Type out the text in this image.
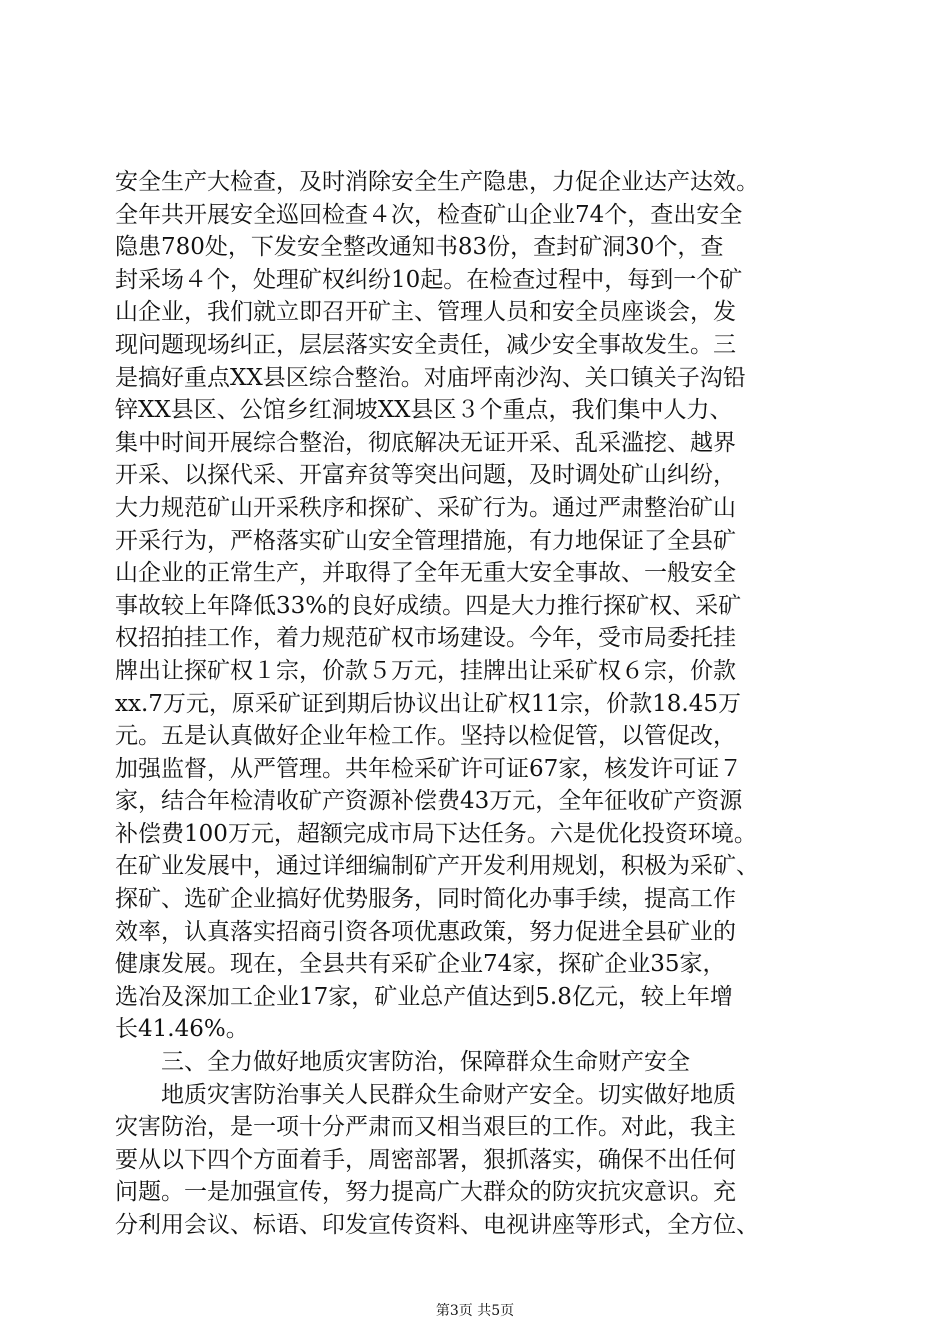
安全生产大检查，及时消除安全生产隐患，力促企业达产达效。
全年共开展安全巡回检查４次，检查矿山企业74个，查出安全
隐患780处，下发安全整改通知书83份，查封矿洞30个，查
封采场４个，处理矿权纠纷10起。在检查过程中，每到一个矿
山企业，我们就立即召开矿主、管理人员和安全员座谈会，发
现问题现场纠正，层层落实安全责任，减少安全事故发生。三
是搞好重点XX县区综合整治。对庙坪南沙沟、关口镇关子沟铅
锌XX县区、公馆乡红洞坡XX县区３个重点，我们集中人力、
集中时间开展综合整治，彻底解决无证开采、乱采滥挖、越界
开采、以探代采、开富弃贫等突出问题，及时调处矿山纠纷，
大力规范矿山开采秩序和探矿、采矿行为。通过严肃整治矿山
开采行为，严格落实矿山安全管理措施，有力地保证了全县矿
山企业的正常生产，并取得了全年无重大安全事故、一般安全
事故较上年降低33%的良好成绩。四是大力推行探矿权、采矿
权招拍挂工作，着力规范矿权市场建设。今年，受市局委托挂
牌出让探矿权１宗，价款５万元，挂牌出让采矿权６宗，价款
xx.7万元，原采矿证到期后协议出让矿权11宗，价款18.45万
元。五是认真做好企业年检工作。坚持以检促管，以管促改，
加强监督，从严管理。共年检采矿许可证67家，核发许可证７
家，结合年检清收矿产资源补偿费43万元，全年征收矿产资源
补偿费100万元，超额完成市局下达任务。六是优化投资环境。
在矿业发展中，通过详细编制矿产开发利用规划，积极为采矿、
探矿、选矿企业搞好优势服务，同时简化办事手续，提高工作
效率，认真落实招商引资各项优惠政策，努力促进全县矿业的
健康发展。现在，全县共有采矿企业74家，探矿企业35家，
选冶及深加工企业17家，矿业总产值达到5.8亿元，较上年增
长41.46%。
　　三、全力做好地质灾害防治，保障群众生命财产安全
　　地质灾害防治事关人民群众生命财产安全。切实做好地质
灾害防治，是一项十分严肃而又相当艰巨的工作。对此，我主
要从以下四个方面着手，周密部署，狠抓落实，确保不出任何
问题。一是加强宣传，努力提高广大群众的防灾抗灾意识。充
分利用会议、标语、印发宣传资料、电视讲座等形式，全方位、
第3页 共5页
